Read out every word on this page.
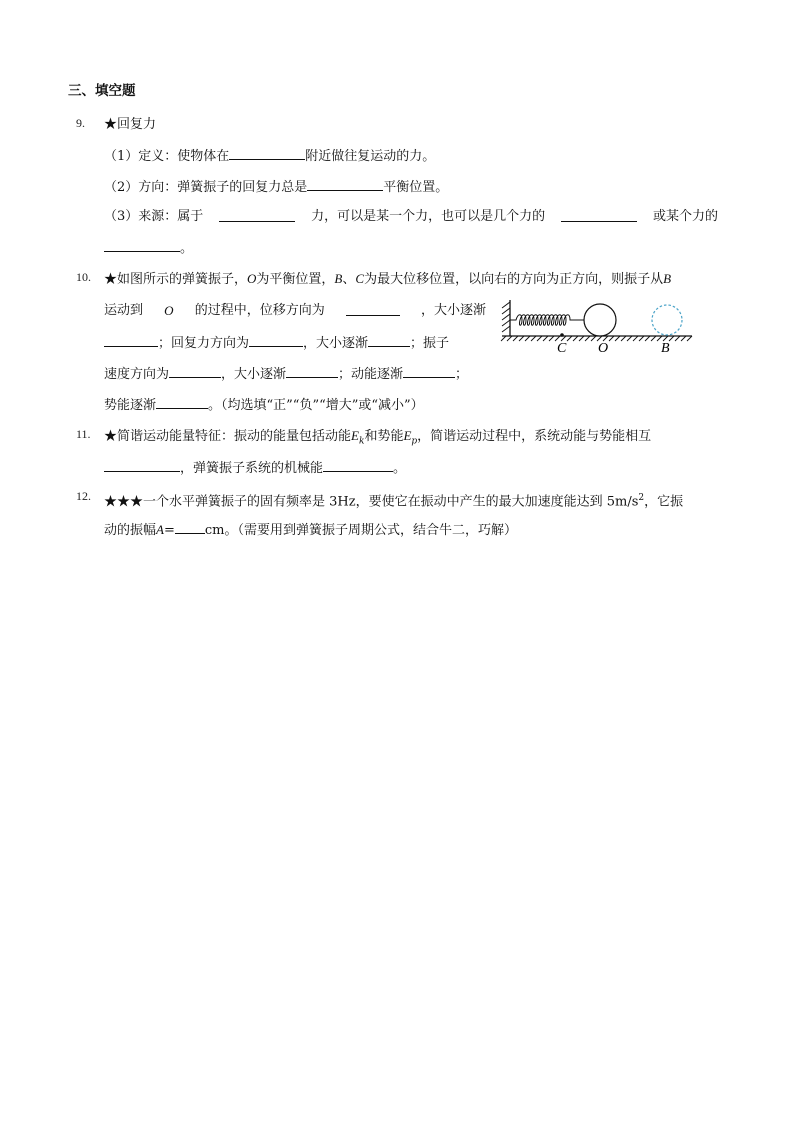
三、填空题
9. ★回复力
（1）定义：使物体在	附近做往复运动的力。
（2）方向：弹簧振子的回复力总是	平衡位置。
（3）来源：属于	力，可以是某一个力，也可以是几个力的	或某个力的
。
10. ★如图所示的弹簧振子，O为平衡位置，B、C为最大位移位置，以向右的方向为正方向，则振子从B
运动到 O 的过程中，位移方向为	，大小逐渐
；回复力方向为	，大小逐渐	；振子
速度方向为	，大小逐渐	；动能逐渐	；
势能逐渐	。（均选填“正”“负”“增大”或“减小”）
C O	B
11. ★简谐运动能量特征：振动的能量包括动能$E_k$和势能$E_p$，简谐运动过程中，系统动能与势能相互
，弹簧振子系统的机械能	。
12. ★★★一个水平弹簧振子的固有频率是 3Hz，要使它在振动中产生的最大加速度能达到 $5m/s^2$，它振
动的振幅A= cm。（需要用到弹簧振子周期公式，结合牛二，巧解）
